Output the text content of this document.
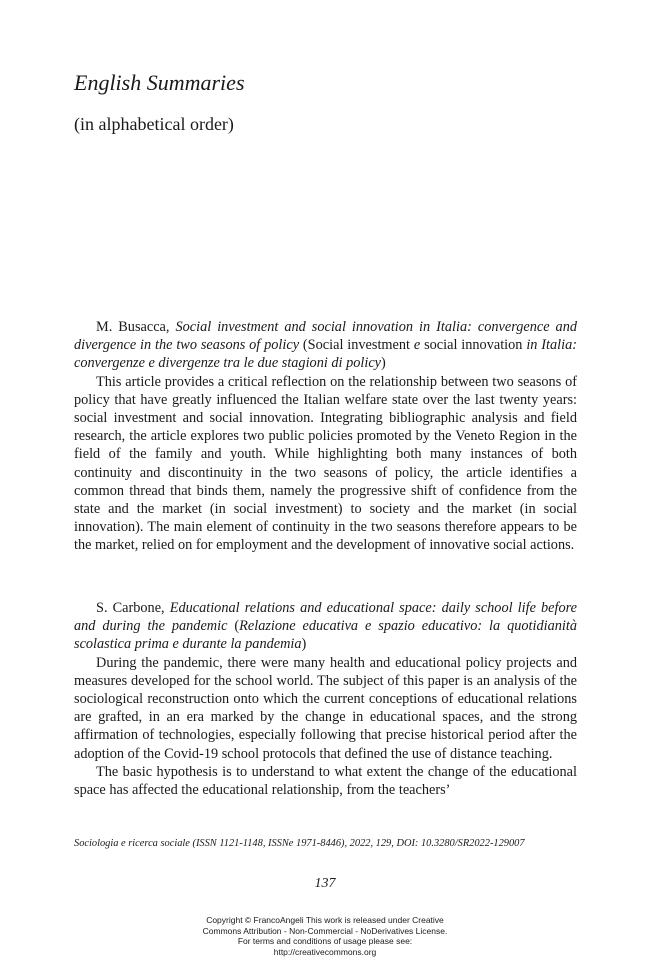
English Summaries
(in alphabetical order)

M. Busacca, Social investment and social innovation in Italia: convergence and divergence in the two seasons of policy (Social investment e social innovation in Italia: convergenze e divergenze tra le due stagioni di policy)

This article provides a critical reflection on the relationship between two seasons of policy that have greatly influenced the Italian welfare state over the last twenty years: social investment and social innovation. Integrating bibliographic analysis and field research, the article explores two public policies promoted by the Veneto Region in the field of the family and youth. While highlighting both many instances of both continuity and discontinuity in the two seasons of policy, the article identifies a common thread that binds them, namely the progressive shift of confidence from the state and the market (in social investment) to society and the market (in social innovation). The main element of continuity in the two seasons therefore appears to be the market, relied on for employment and the development of innovative social actions.

S. Carbone, Educational relations and educational space: daily school life before and during the pandemic (Relazione educativa e spazio educativo: la quotidianità scolastica prima e durante la pandemia)

During the pandemic, there were many health and educational policy projects and measures developed for the school world. The subject of this paper is an analysis of the sociological reconstruction onto which the current conceptions of educational relations are grafted, in an era marked by the change in educational spaces, and the strong affirmation of technologies, especially following that precise historical period after the adoption of the Covid-19 school protocols that defined the use of distance teaching.

The basic hypothesis is to understand to what extent the change of the educational space has affected the educational relationship, from the teachers’

Sociologia e ricerca sociale (ISSN 1121-1148, ISSNe 1971-8446), 2022, 129, DOI: 10.3280/SR2022-129007
137
Copyright © FrancoAngeli This work is released under Creative
Commons Attribution - Non-Commercial - NoDerivatives License.
For terms and conditions of usage please see:
http://creativecommons.org
